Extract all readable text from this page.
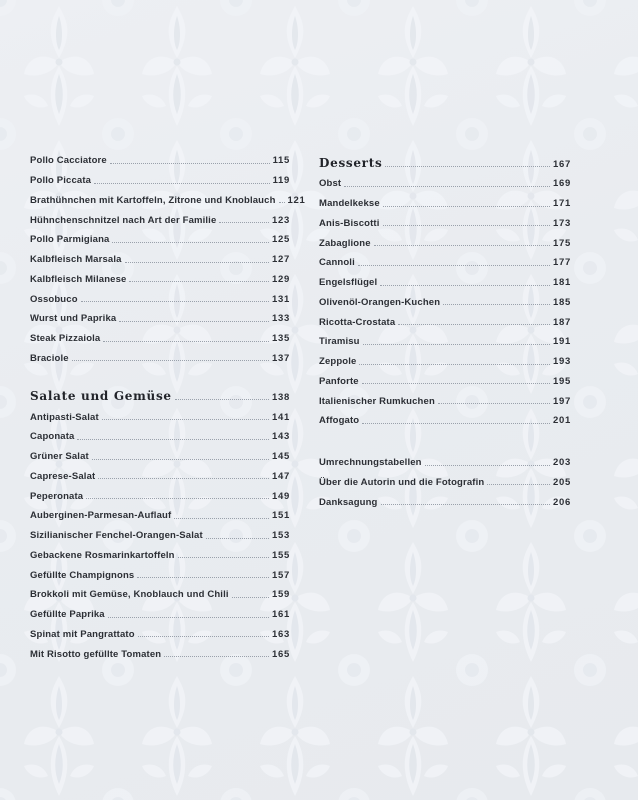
Pollo Cacciatore	115
Pollo Piccata	119
Brathühnchen mit Kartoffeln, Zitrone und Knoblauch 121
Hühnchenschnitzel nach Art der Familie	123
Pollo Parmigiana	125
Kalbfleisch Marsala	127
Kalbfleisch Milanese	129
Ossobuco	131
Wurst und Paprika	133
Steak Pizzaiola	135
Braciole	137
Salate und Gemüse	138
Antipasti-Salat	141
Caponata	143
Grüner Salat	145
Caprese-Salat	147
Peperonata	149
Auberginen-Parmesan-Auflauf	151
Sizilianischer Fenchel-Orangen-Salat	153
Gebackene Rosmarinkartoffeln	155
Gefüllte Champignons	157
Brokkoli mit Gemüse, Knoblauch und Chili	159
Gefüllte Paprika	161
Spinat mit Pangrattato	163
Mit Risotto gefüllte Tomaten	165
Desserts	167
Obst	169
Mandelkekse	171
Anis-Biscotti	173
Zabaglione	175
Cannoli	177
Engelsflügel	181
Olivenöl-Orangen-Kuchen	185
Ricotta-Crostata	187
Tiramisu	191
Zeppole	193
Panforte	195
Italienischer Rumkuchen	197
Affogato	201
Umrechnungstabellen	203
Über die Autorin und die Fotografin	205
Danksagung	206
